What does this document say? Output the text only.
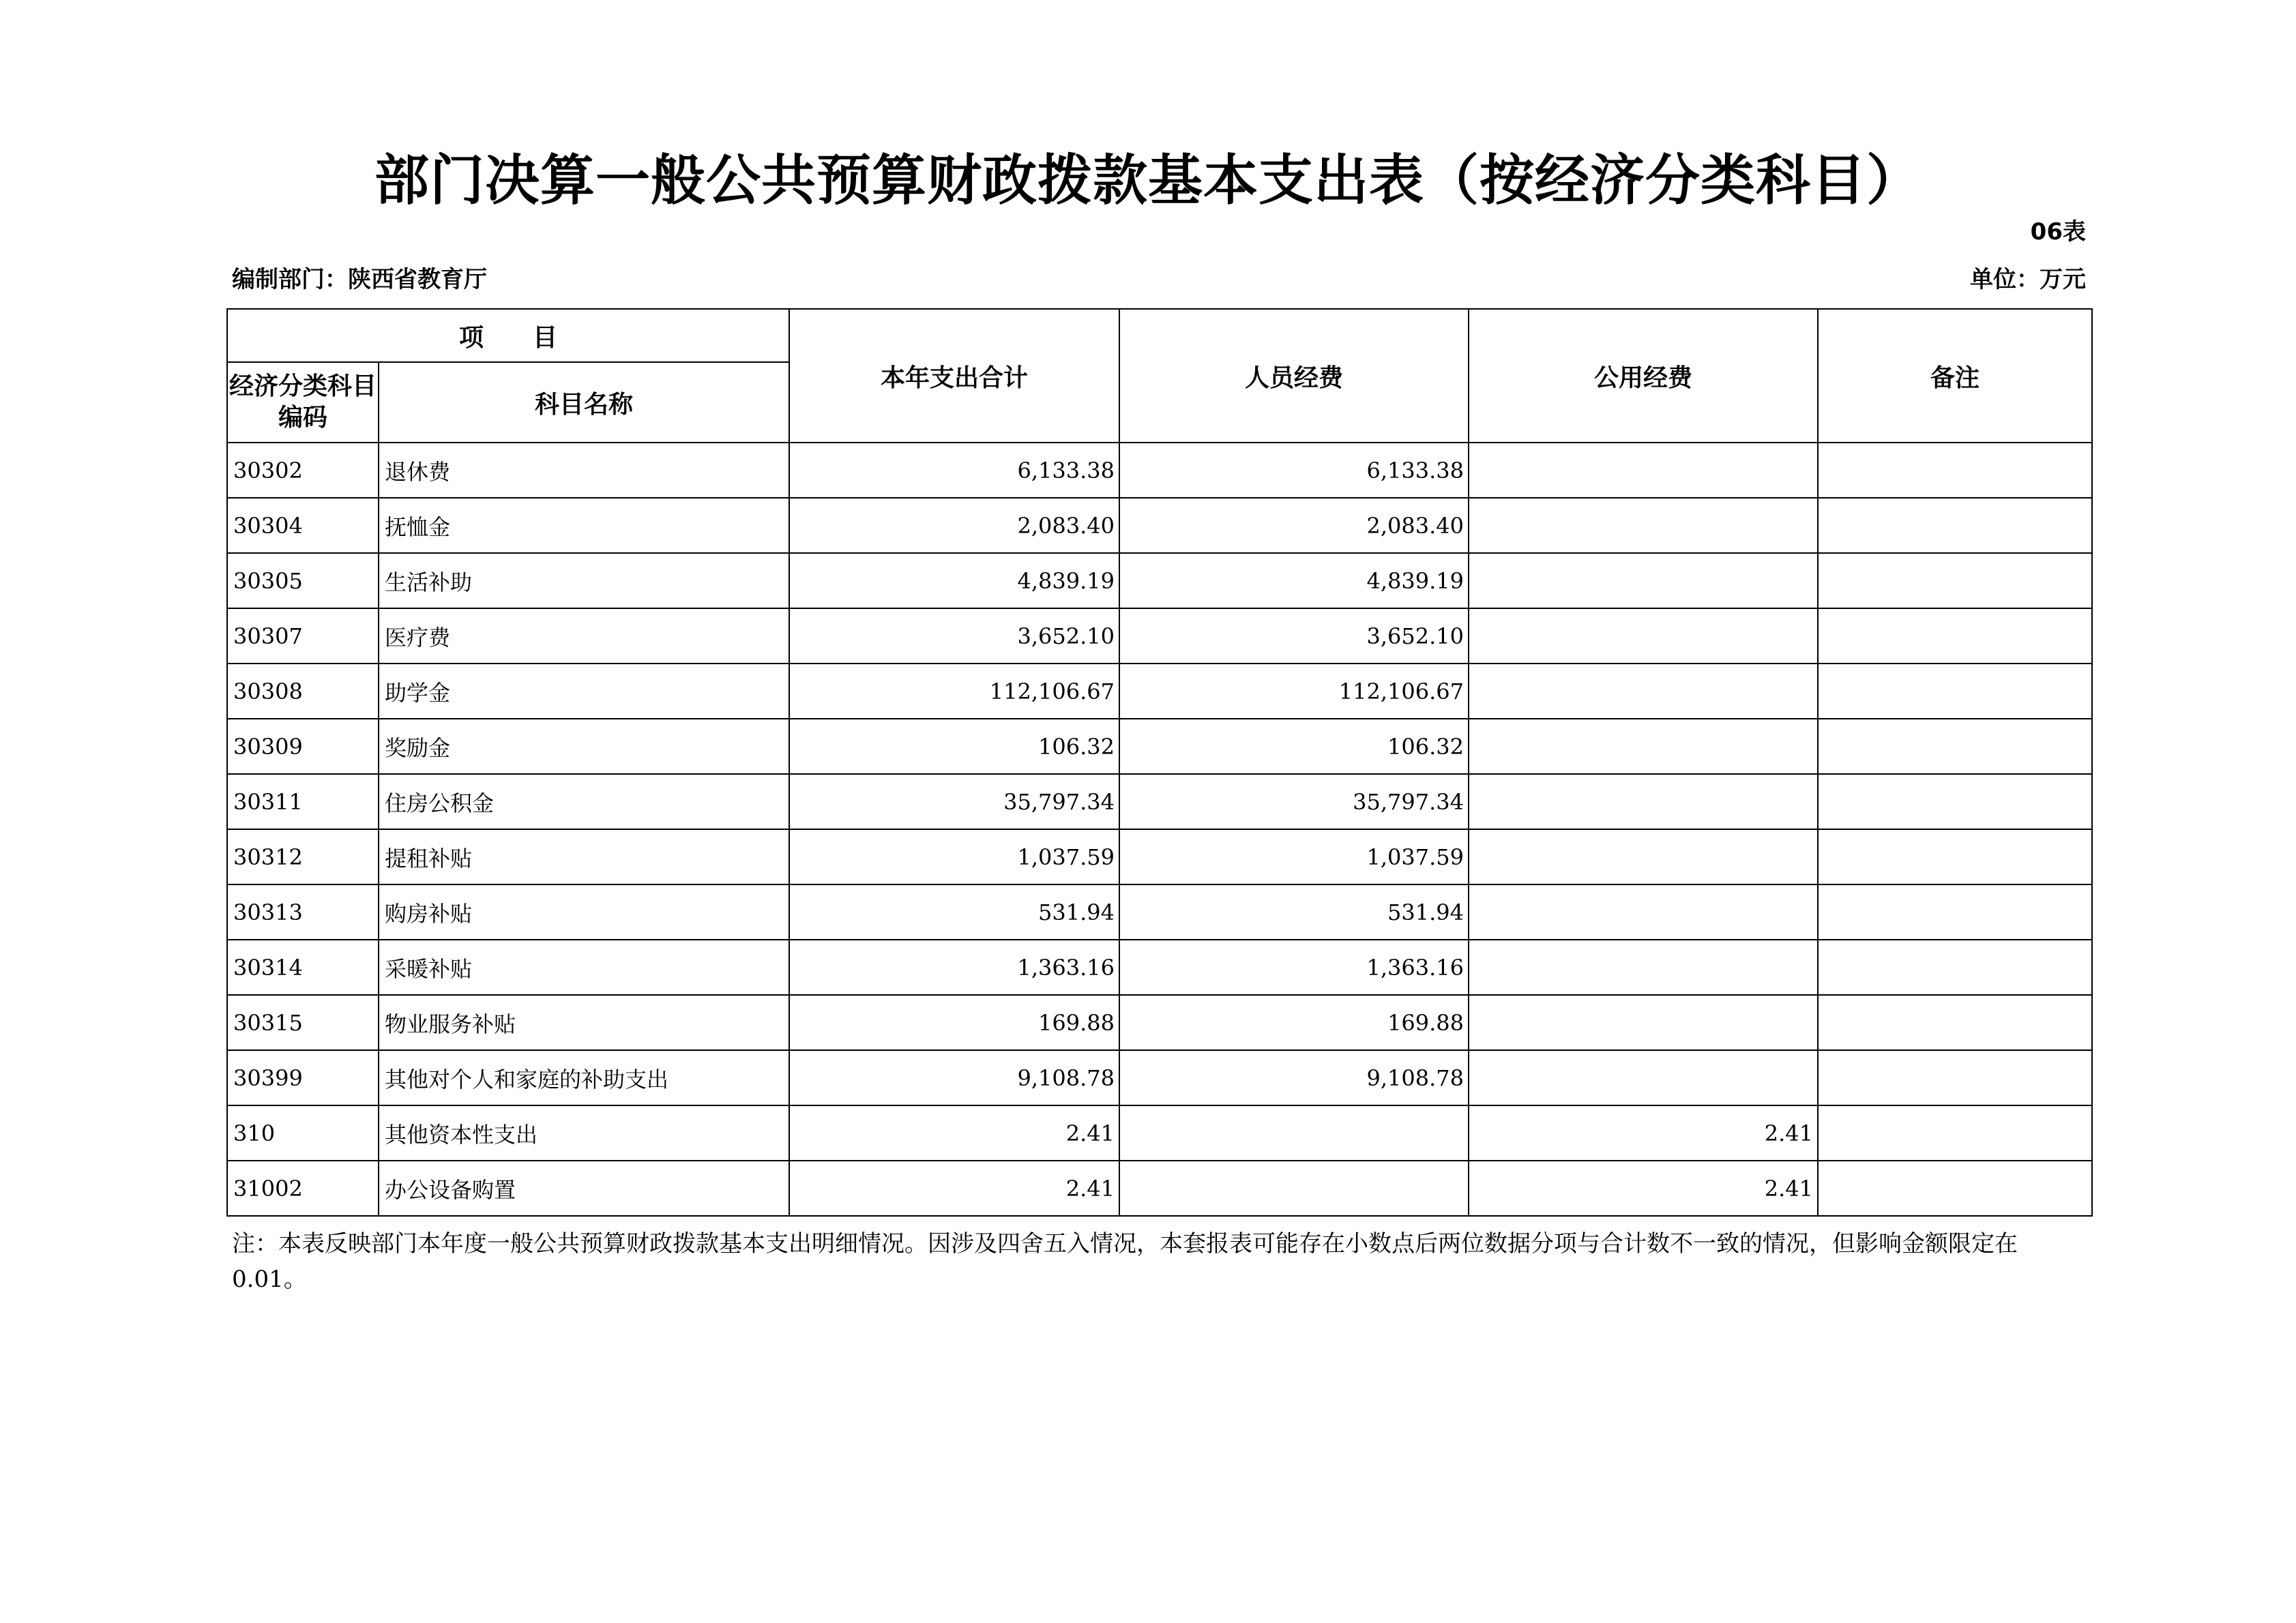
部门决算一般公共预算财政拨款基本支出表（按经济分类科目）
06表
编制部门：陕西省教育厅	单位：万元
项　　目		本年支出合计	人员经费	公用经费	备注
经济分类科目编码	科目名称				
30302	退休费	6,133.38	6,133.38		
30304	抚恤金	2,083.40	2,083.40		
30305	生活补助	4,839.19	4,839.19		
30307	医疗费	3,652.10	3,652.10		
30308	助学金	112,106.67	112,106.67		
30309	奖励金	106.32	106.32		
30311	住房公积金	35,797.34	35,797.34		
30312	提租补贴	1,037.59	1,037.59		
30313	购房补贴	531.94	531.94		
30314	采暖补贴	1,363.16	1,363.16		
30315	物业服务补贴	169.88	169.88		
30399	其他对个人和家庭的补助支出	9,108.78	9,108.78		
310	其他资本性支出	2.41		2.41	
31002	办公设备购置	2.41		2.41	
注：本表反映部门本年度一般公共预算财政拨款基本支出明细情况。因涉及四舍五入情况，本套报表可能存在小数点后两位数据分项与合计数不一致的情况，但影响金额限定在0.01。
